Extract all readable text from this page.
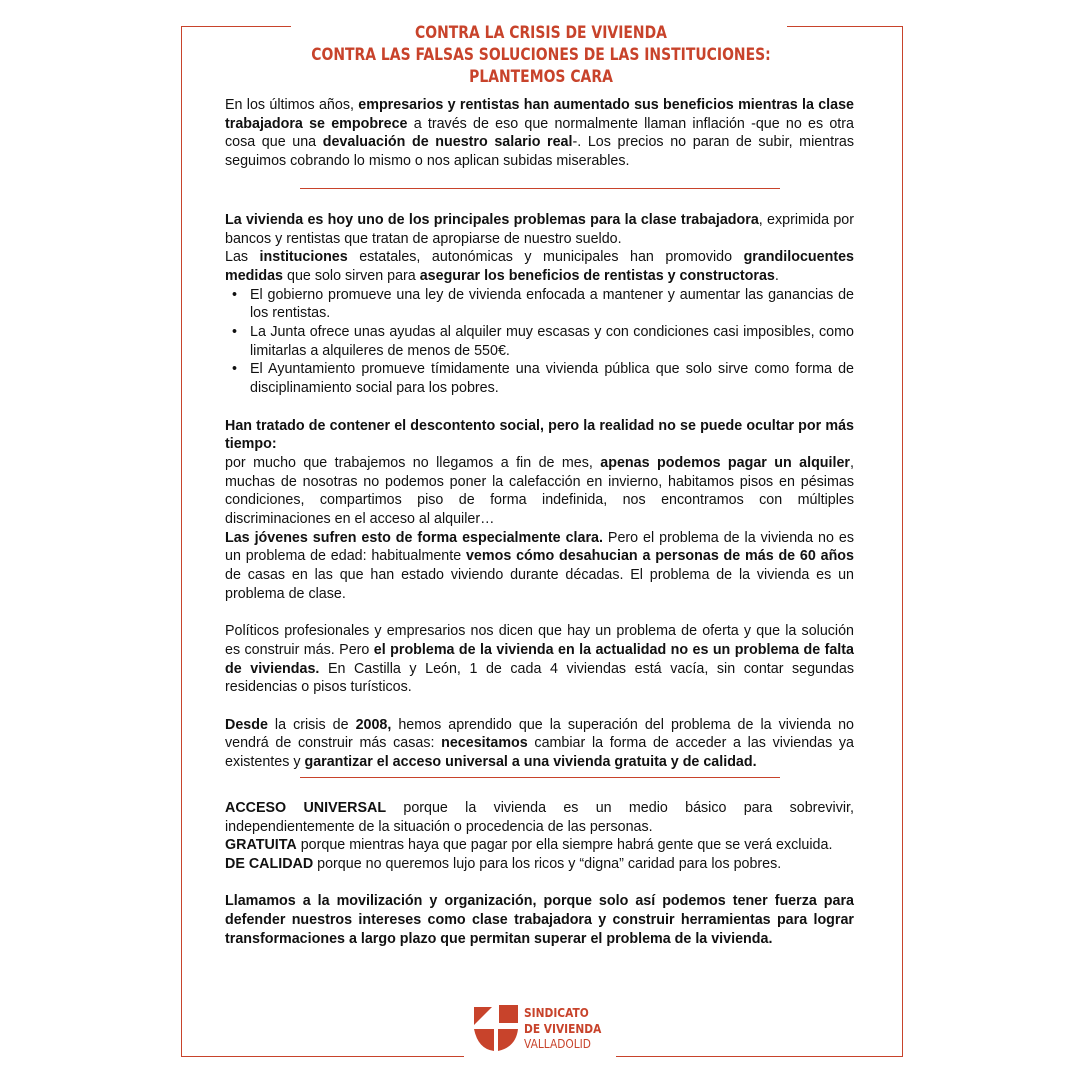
CONTRA LA CRISIS DE VIVIENDA
CONTRA LAS FALSAS SOLUCIONES DE LAS INSTITUCIONES:
PLANTEMOS CARA

En los últimos años, empresarios y rentistas han aumentado sus beneficios mientras la clase trabajadora se empobrece a través de eso que normalmente llaman inflación -que no es otra cosa que una devaluación de nuestro salario real-. Los precios no paran de subir, mientras seguimos cobrando lo mismo o nos aplican subidas miserables.

La vivienda es hoy uno de los principales problemas para la clase trabajadora, exprimida por bancos y rentistas que tratan de apropiarse de nuestro sueldo.

Las instituciones estatales, autonómicas y municipales han promovido grandilocuentes medidas que solo sirven para asegurar los beneficios de rentistas y constructoras.

• El gobierno promueve una ley de vivienda enfocada a mantener y aumentar las ganancias de los rentistas.
• La Junta ofrece unas ayudas al alquiler muy escasas y con condiciones casi imposibles, como limitarlas a alquileres de menos de 550€.
• El Ayuntamiento promueve tímidamente una vivienda pública que solo sirve como forma de disciplinamiento social para los pobres.

Han tratado de contener el descontento social, pero la realidad no se puede ocultar por más tiempo:

por mucho que trabajemos no llegamos a fin de mes, apenas podemos pagar un alquiler, muchas de nosotras no podemos poner la calefacción en invierno, habitamos pisos en pésimas condiciones, compartimos piso de forma indefinida, nos encontramos con múltiples discriminaciones en el acceso al alquiler…

Las jóvenes sufren esto de forma especialmente clara. Pero el problema de la vivienda no es un problema de edad: habitualmente vemos cómo desahucian a personas de más de 60 años de casas en las que han estado viviendo durante décadas. El problema de la vivienda es un problema de clase.

Políticos profesionales y empresarios nos dicen que hay un problema de oferta y que la solución es construir más. Pero el problema de la vivienda en la actualidad no es un problema de falta de viviendas. En Castilla y León, 1 de cada 4 viviendas está vacía, sin contar segundas residencias o pisos turísticos.

Desde la crisis de 2008, hemos aprendido que la superación del problema de la vivienda no vendrá de construir más casas: necesitamos cambiar la forma de acceder a las viviendas ya existentes y garantizar el acceso universal a una vivienda gratuita y de calidad.

ACCESO UNIVERSAL porque la vivienda es un medio básico para sobrevivir, independientemente de la situación o procedencia de las personas.

GRATUITA porque mientras haya que pagar por ella siempre habrá gente que se verá excluida.

DE CALIDAD porque no queremos lujo para los ricos y “digna” caridad para los pobres.

Llamamos a la movilización y organización, porque solo así podemos tener fuerza para defender nuestros intereses como clase trabajadora y construir herramientas para lograr transformaciones a largo plazo que permitan superar el problema de la vivienda.

SINDICATO
DE VIVIENDA
VALLADOLID
